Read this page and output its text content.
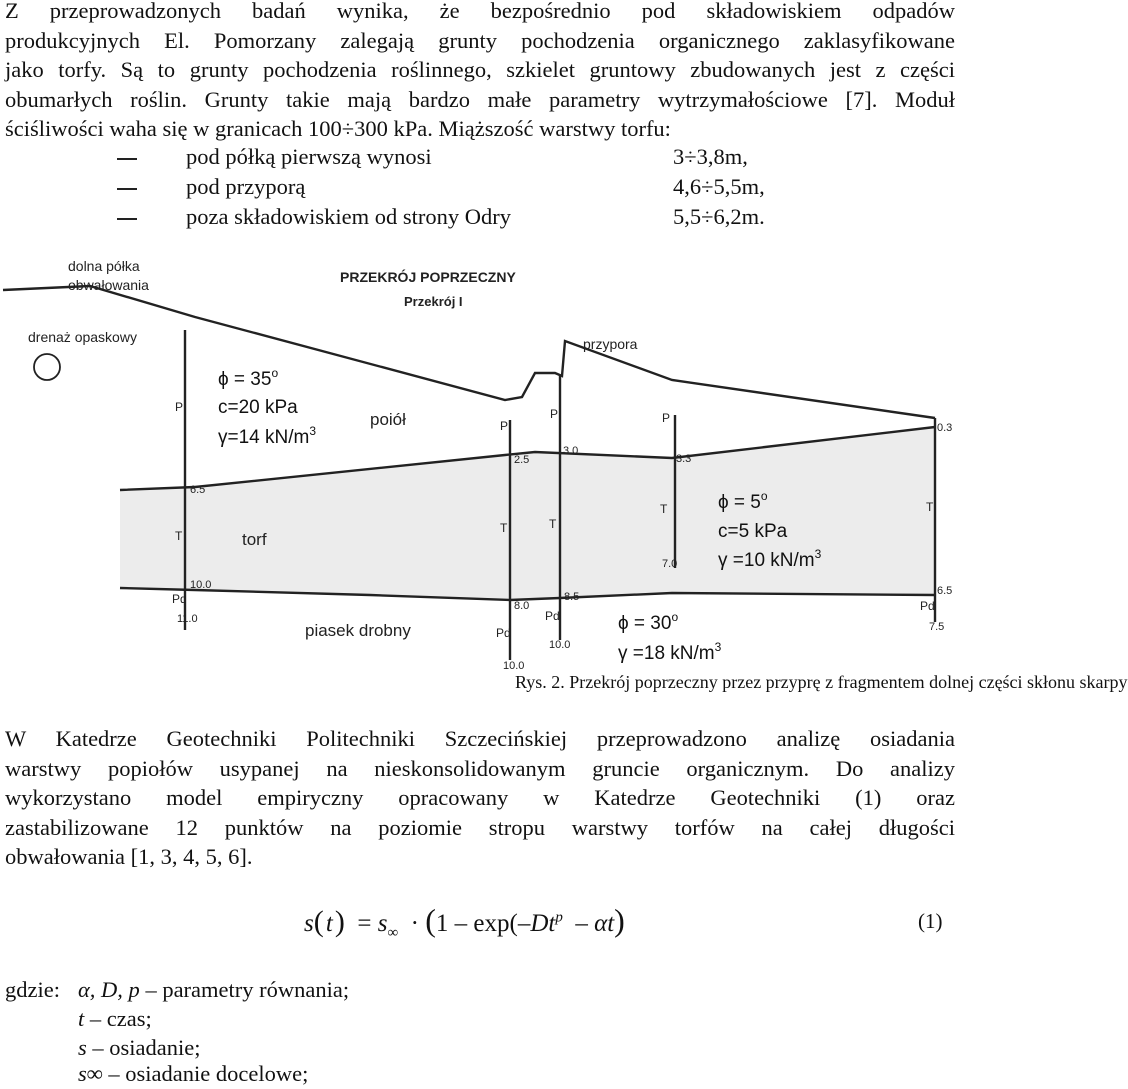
Z przeprowadzonych badań wynika, że bezpośrednio pod składowiskiem odpadów
produkcyjnych El. Pomorzany zalegają grunty pochodzenia organicznego zaklasyfikowane
jako torfy. Są to grunty pochodzenia roślinnego, szkielet gruntowy zbudowanych jest z części
obumarłych roślin. Grunty takie mają bardzo małe parametry wytrzymałościowe [7]. Moduł
ściśliwości waha się w granicach 100÷300 kPa. Miąższość warstwy torfu:
pod półką pierwszą wynosi	3÷3,8m,
pod przyporą	4,6÷5,5m,
poza składowiskiem od strony Odry	5,5÷6,2m.
PRZEKRÓJ POPRZECZNY
Przekrój I
dolna półka
obwałowania
drenaż opaskowy	przypora
poiół
torf
piasek drobny
$\phi = 35^o$
c=20 kPa
γ=14 $kN/m^3$
$\phi = 5^o$
c=5 kPa
γ =10 $kN/m^3$
$\phi = 30^o$
γ =18 $kN/m^3$
P
T
Pd
P
T
Pd
P
T
Pd
P
T	T
Pd
6.5
10.0
11.0
2.5
8.0
10.0
3.0
8.5
10.0
3.3
7.0
0.3
6.5
7.5
Rys. 2. Przekrój poprzeczny przez przyprę z fragmentem dolnej części skłonu skarpy
W Katedrze Geotechniki Politechniki Szczecińskiej przeprowadzono analizę osiadania
warstwy popiołów usypanej na nieskonsolidowanym gruncie organicznym. Do analizy
wykorzystano model empiryczny opracowany w Katedrze Geotechniki (1) oraz
zastabilizowane 12 punktów na poziomie stropu warstwy torfów na całej długości
obwałowania [1, 3, 4, 5, 6].
s( t )  = $s_\infty \cdot (1 - \exp(-Dt^p - \alpha t)$	(1)
gdzie: α, D, p – parametry równania;
t – czas;
s – osiadanie;
s∞ – osiadanie docelowe;
